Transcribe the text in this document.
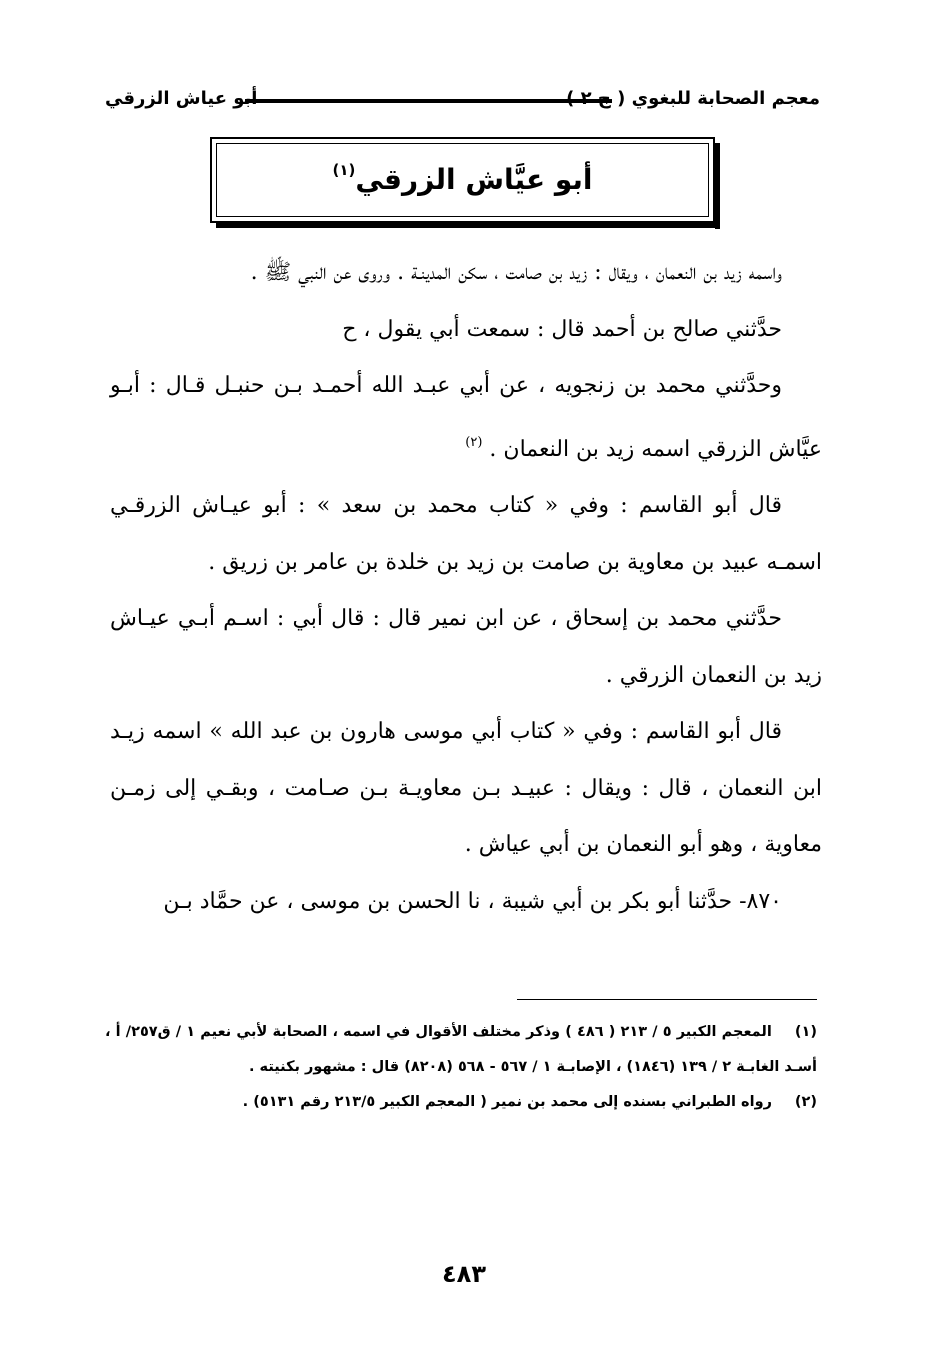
معجم الصحابة للبغوي ( ج ٢ )
أبو عياش الزرقي
أبو عيَّاش الزرقي$^{(١)}$

واسمه زيد بن النعمان ، ويقال : زيد بن صامت ، سكن المدينـة . وروى عن النبي ﷺ .

حدَّثني صالح بن أحمد قال : سمعت أبي يقول ، ح

وحدَّثني محمد بن زنجويه ، عن أبي عبـد الله أحمـد بـن حنبـل قـال : أبـو عيَّاش الزرقي اسمه زيد بن النعمان . $^{(٢)}$

قال أبو القاسم : وفي « كتاب محمد بن سعد » : أبو عيـاش الزرقـي اسمـه عبيد بن معاوية بن صامت بن زيد بن خلدة بن عامر بن زريق .

حدَّثني محمد بن إسحاق ، عن ابن نمير قال : قال أبي : اسـم أبـي عيـاش زيد بن النعمان الزرقي .

قال أبو القاسم : وفي « كتاب أبي موسى هارون بن عبد الله » اسمه زيـد ابن النعمان ، قال : ويقال : عبيـد بـن معاويـة بـن صـامت ، وبقـي إلى زمـن معاوية ، وهو أبو النعمان بن أبي عياش .

٨٧٠- حدَّثنا أبو بكر بن أبي شيبة ، نا الحسن بن موسى ، عن حمَّاد بـن

(١) المعجم الكبير ٥ / ٢١٣ ( ٤٨٦ ) وذكر مختلف الأقوال في اسمه ، الصحابة لأبي نعيم ١ / ق٢٥٧/ أ ، أسـد الغابـة ٢ / ١٣٩ (١٨٤٦) ، الإصابـة ١ / ٥٦٧ - ٥٦٨ (٨٢٠٨) قال : مشهور بكنيته .

(٢) رواه الطبراني بسنده إلى محمد بن نمير ( المعجم الكبير ٢١٣/٥ رقم ٥١٣١) .

٤٨٣
